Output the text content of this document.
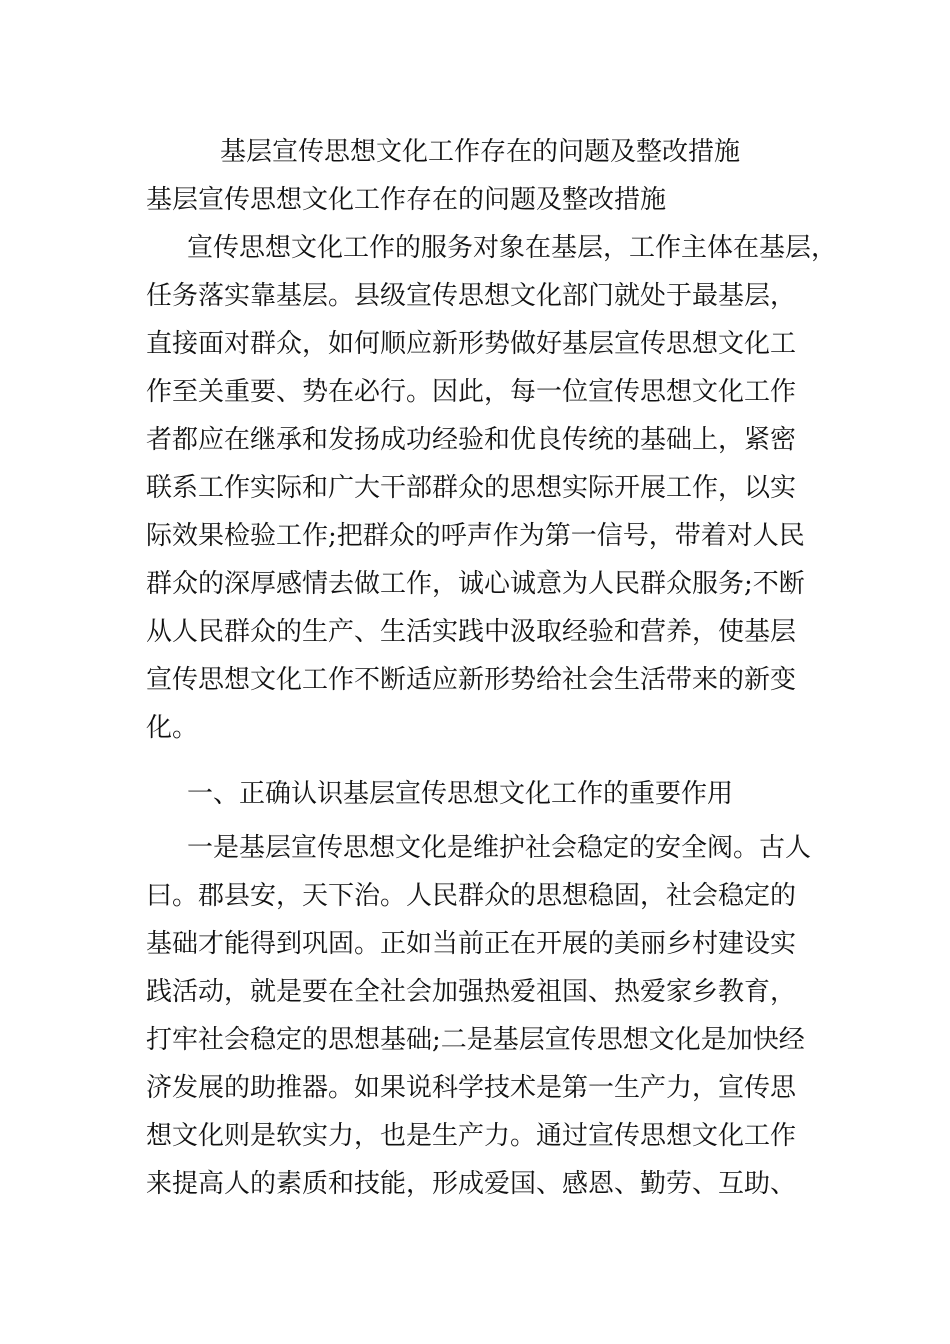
基层宣传思想文化工作存在的问题及整改措施
基层宣传思想文化工作存在的问题及整改措施
宣传思想文化工作的服务对象在基层，工作主体在基层，
任务落实靠基层。县级宣传思想文化部门就处于最基层，
直接面对群众，如何顺应新形势做好基层宣传思想文化工
作至关重要、势在必行。因此，每一位宣传思想文化工作
者都应在继承和发扬成功经验和优良传统的基础上，紧密
联系工作实际和广大干部群众的思想实际开展工作，以实
际效果检验工作;把群众的呼声作为第一信号，带着对人民
群众的深厚感情去做工作，诚心诚意为人民群众服务;不断
从人民群众的生产、生活实践中汲取经验和营养，使基层
宣传思想文化工作不断适应新形势给社会生活带来的新变
化。
一、正确认识基层宣传思想文化工作的重要作用
一是基层宣传思想文化是维护社会稳定的安全阀。古人
曰。郡县安，天下治。人民群众的思想稳固，社会稳定的
基础才能得到巩固。正如当前正在开展的美丽乡村建设实
践活动，就是要在全社会加强热爱祖国、热爱家乡教育，
打牢社会稳定的思想基础;二是基层宣传思想文化是加快经
济发展的助推器。如果说科学技术是第一生产力，宣传思
想文化则是软实力，也是生产力。通过宣传思想文化工作
来提高人的素质和技能，形成爱国、感恩、勤劳、互助、
